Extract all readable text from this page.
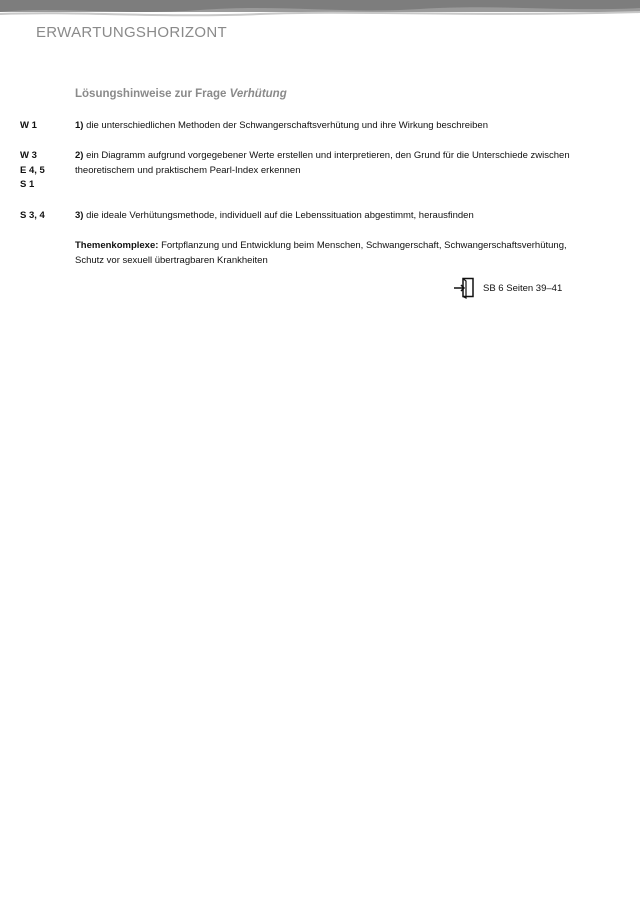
ERWARTUNGSHORIZONT
Lösungshinweise zur Frage Verhütung
W 1	1) die unterschiedlichen Methoden der Schwangerschaftsverhütung und ihre Wirkung beschreiben
W 3
E 4, 5
S 1
2) ein Diagramm aufgrund vorgegebener Werte erstellen und interpretieren, den Grund für die Unterschiede zwischen theoretischem und praktischem Pearl-Index erkennen
S 3, 4	3) die ideale Verhütungsmethode, individuell auf die Lebenssituation abgestimmt, herausfinden
Themenkomplexe: Fortpflanzung und Entwicklung beim Menschen, Schwangerschaft, Schwangerschaftsverhütung, Schutz vor sexuell übertragbaren Krankheiten
SB 6 Seiten 39–41
